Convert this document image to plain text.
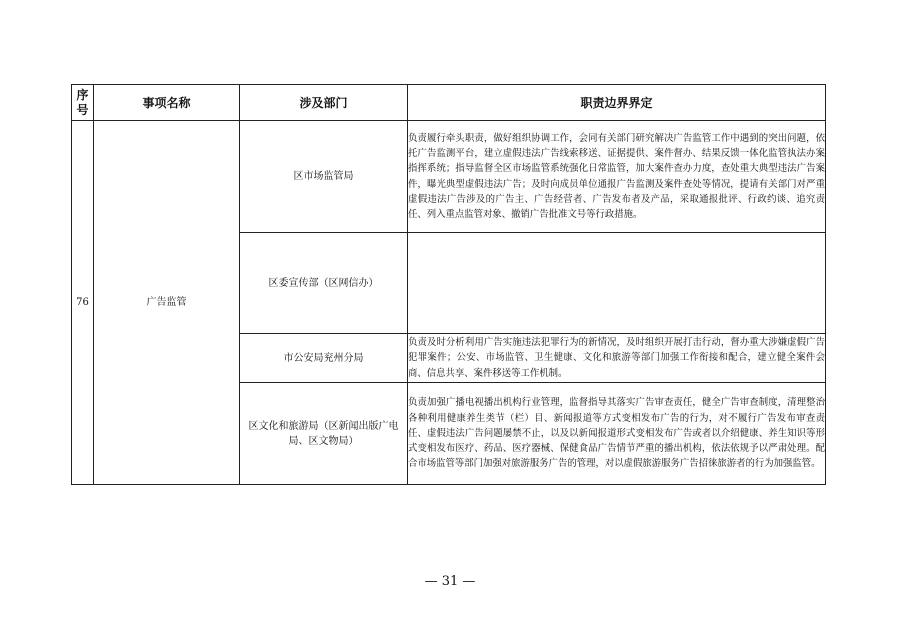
序
号	事项名称	涉及部门	职责边界界定
76	广告监管	区市场监管局	负责履行牵头职责，做好组织协调工作，会同有关部门研究解决广告监管工作中遇到的突出问题，依托广告监测平台，建立虚假违法广告线索移送、证据提供、案件督办、结果反馈一体化监管执法办案指挥系统；指导监督全区市场监管系统强化日常监管，加大案件查办力度，查处重大典型违法广告案件，曝光典型虚假违法广告；及时向成员单位通报广告监测及案件查处等情况，提请有关部门对严重虚假违法广告涉及的广告主、广告经营者、广告发布者及产品，采取通报批评、行政约谈、追究责任、列入重点监管对象、撤销广告批准文号等行政措施。
		区委宣传部（区网信办）	
		市公安局兖州分局	负责及时分析利用广告实施违法犯罪行为的新情况，及时组织开展打击行动，督办重大涉嫌虚假广告犯罪案件；公安、市场监管、卫生健康、文化和旅游等部门加强工作衔接和配合，建立健全案件会商、信息共享、案件移送等工作机制。
		区文化和旅游局（区新闻出版广电局、区文物局）	负责加强广播电视播出机构行业管理，监督指导其落实广告审查责任，健全广告审查制度，清理整治各种利用健康养生类节（栏）目、新闻报道等方式变相发布广告的行为，对不履行广告发布审查责任、虚假违法广告问题屡禁不止，以及以新闻报道形式变相发布广告或者以介绍健康、养生知识等形式变相发布医疗、药品、医疗器械、保健食品广告情节严重的播出机构，依法依规予以严肃处理。配合市场监管等部门加强对旅游服务广告的管理，对以虚假旅游服务广告招徕旅游者的行为加强监管。
— 31 —
